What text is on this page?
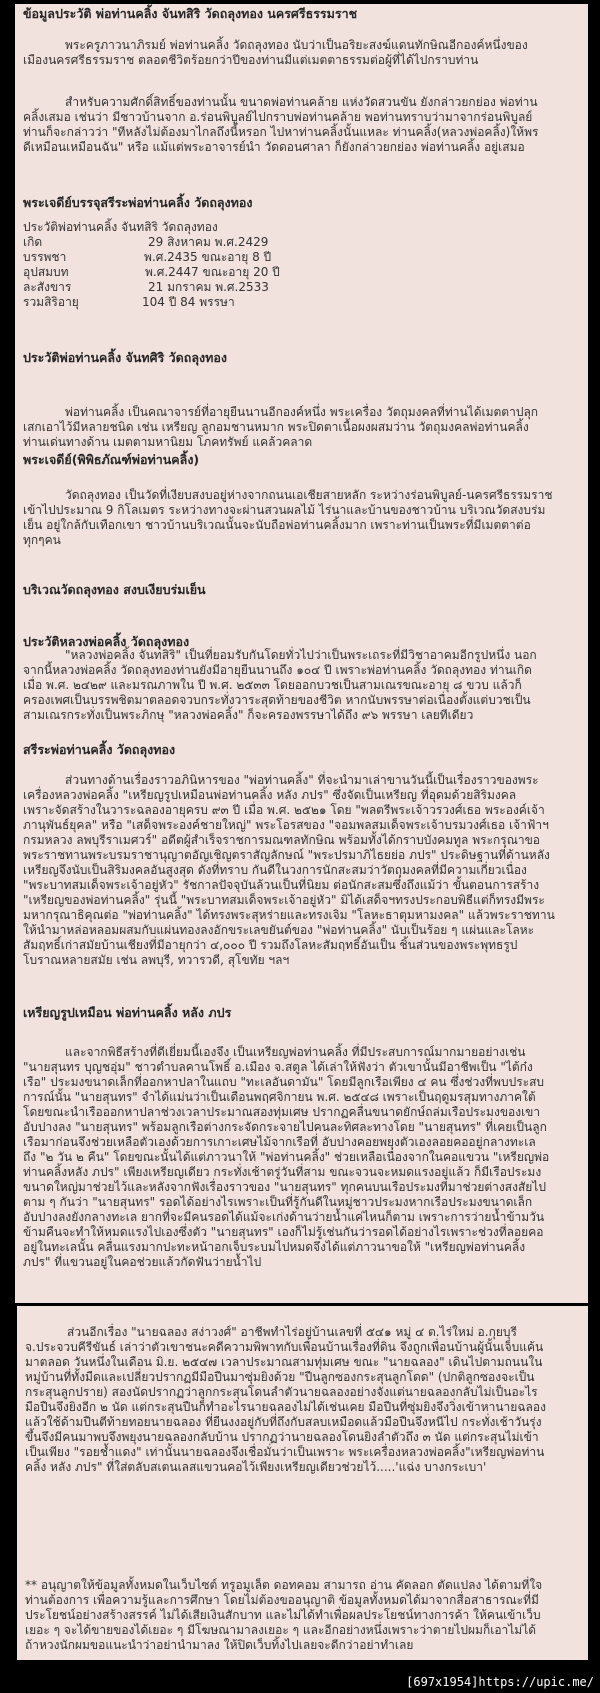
ข้อมูลประวัติ พ่อท่านคลิ้ง จันทสิริ วัดถลุงทอง นครศรีธรรมราช
พระครูภาวนาภิรมย์ พ่อท่านคลิ้ง วัดถลุงทอง นับว่าเป็นอริยะสงฆ์แดนทักษิณอีกองค์หนึ่งของ
เมืองนครศรีธรรมราช ตลอดชีวิตร้อยกว่าปีของท่านมีแต่เมตตาธรรมต่อผู้ที่ได้ไปกราบท่าน
สำหรับความศักดิ์สิทธิ์ของท่านนั้น ขนาดพ่อท่านคล้าย แห่งวัดสวนขัน ยังกล่าวยกย่อง พ่อท่าน
คลิ้งเสมอ เช่นว่า มีชาวบ้านจาก อ.ร่อนพิบูลย์ไปกราบพ่อท่านคล้าย พอท่านทราบว่ามาจากร่อนพิบูลย์
ท่านก็จะกล่าวว่า "ทีหลังไม่ต้องมาไกลถึงนี้หรอก ไปหาท่านคลิ้งนั้นแหละ ท่านคลิ้ง(หลวงพ่อคลิ้ง)ให้พร
ดีเหมือนเหมือนฉัน" หรือ แม้แต่พระอาจารย์นำ วัดดอนศาลา ก็ยังกล่าวยกย่อง พ่อท่านคลิ้ง อยู่เสมอ
พระเจดีย์บรรจุสรีระพ่อท่านคลิ้ง วัดถลุงทอง
ประวัติพ่อท่านคลิ้ง จันทสิริ วัดถลุงทอง
เกิด	29 สิงหาคม พ.ศ.2429
บรรพชา	พ.ศ.2435 ขณะอายุ 8 ปี
อุปสมบท	พ.ศ.2447 ขณะอายุ 20 ปี
ละสังขาร	21 มกราคม พ.ศ.2533
รวมสิริอายุ	104 ปี 84 พรรษา
ประวัติพ่อท่านคลิ้ง จันทศิริ วัดถลุงทอง
พ่อท่านคลิ้ง เป็นคณาจารย์ที่อายุยืนนานอีกองค์หนึ่ง พระเครื่อง วัตถุมงคลที่ท่านได้เมตตาปลุก
เสกเอาไว้มีหลายชนิด เช่น เหรียญ ลูกอมชานหมาก พระปิดตาเนื้อผงผสมว่าน วัตถุมงคลพ่อท่านคลิ้ง
ท่านเด่นทางด้าน เมตตามหานิยม โภคทรัพย์ แคล้วคลาด
พระเจดีย์(พิพิธภัณฑ์พ่อท่านคลิ้ง)
วัดถลุงทอง เป็นวัดที่เงียบสงบอยู่ห่างจากถนนเอเชียสายหลัก ระหว่างร่อนพิบูลย์-นครศรีธรรมราช
เข้าไปประมาณ 9 กิโลเมตร ระหว่างทางจะผ่านสวนผลไม้ ไร่นาและบ้านของชาวบ้าน บริเวณวัดสงบร่ม
เย็น อยู่ใกล้กับเทือกเขา ชาวบ้านบริเวณนั้นจะนับถือพ่อท่านคลิ้งมาก เพราะท่านเป็นพระที่มีเมตตาต่อ
ทุกๆคน
บริเวณวัดถลุงทอง สงบเงียบร่มเย็น
ประวัติหลวงพ่อคลิ้ง วัดถลุงทอง
"หลวงพ่อคลิ้ง จันทสิริ" เป็นที่ยอมรับกันโดยทั่วไปว่าเป็นพระเถระที่มีวิชาอาคมอีกรูปหนึ่ง นอก
จากนี้หลวงพ่อคลิ้ง วัดถลุงทองท่านยังมีอายุยืนนานถึง ๑๐๔ ปี เพราะพ่อท่านคลิ้ง วัดถลุงทอง ท่านเกิด
เมื่อ พ.ศ. ๒๔๒๙ และมรณภาพใน ปี พ.ศ. ๒๕๓๓ โดยออกบวชเป็นสามเณรขณะอายุ ๘ ขวบ แล้วก็
ครองเพศเป็นบรรพชิตมาตลอดจวบกระทั่งวาระสุดท้ายของชีวิต หากนับพรรษาต่อเนื่องตั้งแต่บวชเป็น
สามเณรกระทั่งเป็นพระภิกษุ "หลวงพ่อคลิ้ง" ก็จะครองพรรษาได้ถึง ๙๖ พรรษา เลยทีเดียว
สรีระพ่อท่านคลิ้ง วัดถลุงทอง
ส่วนทางด้านเรื่องราวอภินิหารของ "พ่อท่านคลิ้ง" ที่จะนำมาเล่าขานวันนี้เป็นเรื่องราวของพระ
เครื่องหลวงพ่อคลิ้ง "เหรียญรูปเหมือนพ่อท่านคลิ้ง หลัง ภปร" ซึ่งจัดเป็นเหรียญ ที่อุดมด้วยสิริมงคล
เพราะจัดสร้างในวาระฉลองอายุครบ ๙๓ ปี เมื่อ พ.ศ. ๒๕๒๑ โดย "พลตรีพระเจ้าวรวงศ์เธอ พระองค์เจ้า
ภานุพันธ์ยุคล" หรือ "เสด็จพระองค์ชายใหญ่" พระโอรสของ "จอมพลสมเด็จพระเจ้าบรมวงศ์เธอ เจ้าฟ้าฯ
กรมหลวง ลพบุรีราเมศวร์" อดีตผู้สำเร็จราชการมณฑลทักษิณ พร้อมทั้งได้กราบบังคมทูล พระกรุณาขอ
พระราชทานพระบรมราชานุญาตอัญเชิญตราสัญลักษณ์ "พระปรมาภิไธยย่อ ภปร" ประดิษฐานที่ด้านหลัง
เหรียญจึงนับเป็นสิริมงคลอันสูงสุด ดังที่ทราบ กันดีในวงการนักสะสมว่าวัตถุมงคลที่มีความเกี่ยวเนื่อง
"พระบาทสมเด็จพระเจ้าอยู่หัว" รัชกาลปัจจุบันล้วนเป็นที่นิยม ต่อนักสะสมซึ่งถึงแม้ว่า ขั้นตอนการสร้าง
"เหรียญของพ่อท่านคลิ้ง" รุ่นนี้ "พระบาทสมเด็จพระเจ้าอยู่หัว" มิได้เสด็จฯทรงประกอบพิธีแต่ก็ทรงมีพระ
มหากรุณาธิคุณต่อ "พ่อท่านคลิ้ง" ได้ทรงพระสุหร่ายและทรงเจิม "โลหะธาตุมหามงคล" แล้วพระราชทาน
ให้นำมาหล่อหลอมผสมกับแผ่นทองลงอักขระเลขยันต์ของ "พ่อท่านคลิ้ง" นับเป็นร้อย ๆ แผ่นและโลหะ
สัมฤทธิ์เก่าสมัยบ้านเชียงที่มีอายุกว่า ๔,๐๐๐ ปี รวมถึงโลหะสัมฤทธิ์อันเป็น ชิ้นส่วนของพระพุทธรูป
โบราณหลายสมัย เช่น ลพบุรี, ทวารวดี, สุโขทัย ฯลฯ
เหรียญรูปเหมือน พ่อท่านคลิ้ง หลัง ภปร
และจากพิธีสร้างที่ดีเยี่ยมนี้เองจึง เป็นเหรียญพ่อท่านคลิ้ง ที่มีประสบการณ์มากมายอย่างเช่น
"นายสุนทร บุญชอุ่ม" ชาวตำบลคานโพธิ์ อ.เมือง จ.สตูล ได้เล่าให้ฟังว่า ตัวเขานั้นมีอาชีพเป็น "ไต้ก๋ง
เรือ" ประมงขนาดเล็กที่ออกหาปลาในแถบ "ทะเลอันดามัน" โดยมีลูกเรือเพียง ๔ คน ซึ่งช่วงที่พบประสบ
การณ์นั้น "นายสุนทร" จำได้แม่นว่าเป็นเดือนพฤศจิกายน พ.ศ. ๒๕๔๘ เพราะเป็นฤดูมรสุมทางภาคใต้
โดยขณะนำเรือออกหาปลาช่วงเวลาประมาณสองทุ่มเศษ ปรากฏคลื่นขนาดยักษ์ถล่มเรือประมงของเขา
อับปางลง "นายสุนทร" พร้อมลูกเรือต่างกระจัดกระจายไปคนละทิศละทางโดย "นายสุนทร" ที่เคยเป็นลูก
เรือมาก่อนจึงช่วยเหลือตัวเองด้วยการเกาะเศษไม้จากเรือที่ อับปางคอยพยุงตัวเองลอยคออยู่กลางทะเล
ถึง "๒ วัน ๒ คืน" โดยขณะนั้นได้แต่ภาวนาให้ "พ่อท่านคลิ้ง" ช่วยเหลือเนื่องจากในคอแขวน "เหรียญพ่อ
ท่านคลิ้งหลัง ภปร" เพียงเหรียญเดียว กระทั่งเช้าตรู่วันที่สาม ขณะจวนจะหมดแรงอยู่แล้ว ก็มีเรือประมง
ขนาดใหญ่มาช่วยไว้และหลังจากฟังเรื่องราวของ "นายสุนทร" ทุกคนบนเรือประมงที่มาช่วยต่างสงสัยไป
ตาม ๆ กันว่า "นายสุนทร" รอดได้อย่างไรเพราะเป็นที่รู้กันดีในหมู่ชาวประมงหากเรือประมงขนาดเล็ก
อับปางลงยังกลางทะเล ยากที่จะมีคนรอดได้แม้จะเก่งด้านว่ายน้ำแค่ไหนก็ตาม เพราะการว่ายน้ำข้ามวัน
ข้ามคืนจะทำให้หมดแรงไปเองซึ่งตัว "นายสุนทร" เองก็ไม่รู้เช่นกันว่ารอดได้อย่างไรเพราะช่วงที่ลอยคอ
อยู่ในทะเลนั้น คลื่นแรงมากปะทะหน้าอกเจ็บระบมไปหมดจึงได้แต่ภาวนาขอให้ "เหรียญพ่อท่านคลิ้ง
ภปร" ที่แขวนอยู่ในคอช่วยแล้วกัดฟันว่ายน้ำไป
ส่วนอีกเรื่อง "นายฉลอง สง่าวงศ์" อาชีพทำไร่อยู่บ้านเลขที่ ๕๔๑ หมู่ ๔ ต.ไร่ใหม่ อ.กุยบุรี
จ.ประจวบคีรีขันธ์ เล่าว่าตัวเขาชนะคดีความพิพาทกับเพื่อนบ้านเรื่องที่ดิน จึงถูกเพื่อนบ้านผู้นั้นเจ็บแค้น
มาตลอด วันหนึ่งในเดือน มิ.ย. ๒๕๔๗ เวลาประมาณสามทุ่มเศษ ขณะ "นายฉลอง" เดินไปตามถนนใน
หมู่บ้านที่ทั้งมืดและเปลี่ยวปรากฏมีมือปืนมาซุ่มยิงด้วย "ปืนลูกซองกระสุนลูกโดด" (ปกติลูกซองจะเป็น
กระสุนลูกปราย) สองนัดปรากฏว่าลูกกระสุนโดนลำตัวนายฉลองอย่างจังแต่นายฉลองกลับไม่เป็นอะไร
มือปืนจึงยิงอีก ๒ นัด แต่กระสุนปืนก็ทำอะไรนายฉลองไม่ได้เช่นเคย มือปืนที่ซุ่มยิงจึงวิ่งเข้าหานายฉลอง
แล้วใช้ด้ามปืนตีท้ายทอยนายฉลอง ที่ยืนงงอยู่กับที่ถึงกับสลบเหมือดแล้วมือปืนจึงหนีไป กระทั่งเช้าวันรุ่ง
ขึ้นจึงมีคนมาพบจึงพยุงนายฉลองกลับบ้าน ปรากฏว่านายฉลองโดนยิงลำตัวถึง ๓ นัด แต่กระสุนไม่เข้า
เป็นเพียง "รอยช้ำแดง" เท่านั้นนายฉลองจึงเชื่อมั่นว่าเป็นเพราะ พระเครื่องหลวงพ่อคลิ้ง"เหรียญพ่อท่าน
คลิ้ง หลัง ภปร" ที่ใส่ตลับสเตนเลสแขวนคอไว้เพียงเหรียญเดียวช่วยไว้.....'แฉ่ง บางกระเบา'
** อนุญาตให้ข้อมูลทั้งหมดในเว็บไซต์ ทรูอมูเล็ต ดอทคอม สามารถ อ่าน คัดลอก ตัดแปลง ได้ตามที่ใจ
ท่านต้องการ เพื่อความรู้และการศึกษา โดยไม่ต้องขออนุญาติ ข้อมูลทั้งหมดได้มาจากสื่อสาธารณะที่มี
ประโยชน์อย่างสร้างสรรค์ ไม่ได้เสียเงินสักบาท และไม่ได้ทำเพื่อผลประโยชน์ทางการค้า ให้คนเข้าเว็บ
เยอะ ๆ จะได้ขายของได้เยอะ ๆ มีโฆษณามาลงเยอะ ๆ และอีกอย่างหนึ่งเพราะว่าตายไปผมก็เอาไม่ได้
ถ้าหวงนักผมขอแนะนำว่าอย่านำมาลง ให้ปิดเว็บทิ้งไปเลยจะดีกว่าอย่าทำเลย
[697x1954]https://upic.me/
